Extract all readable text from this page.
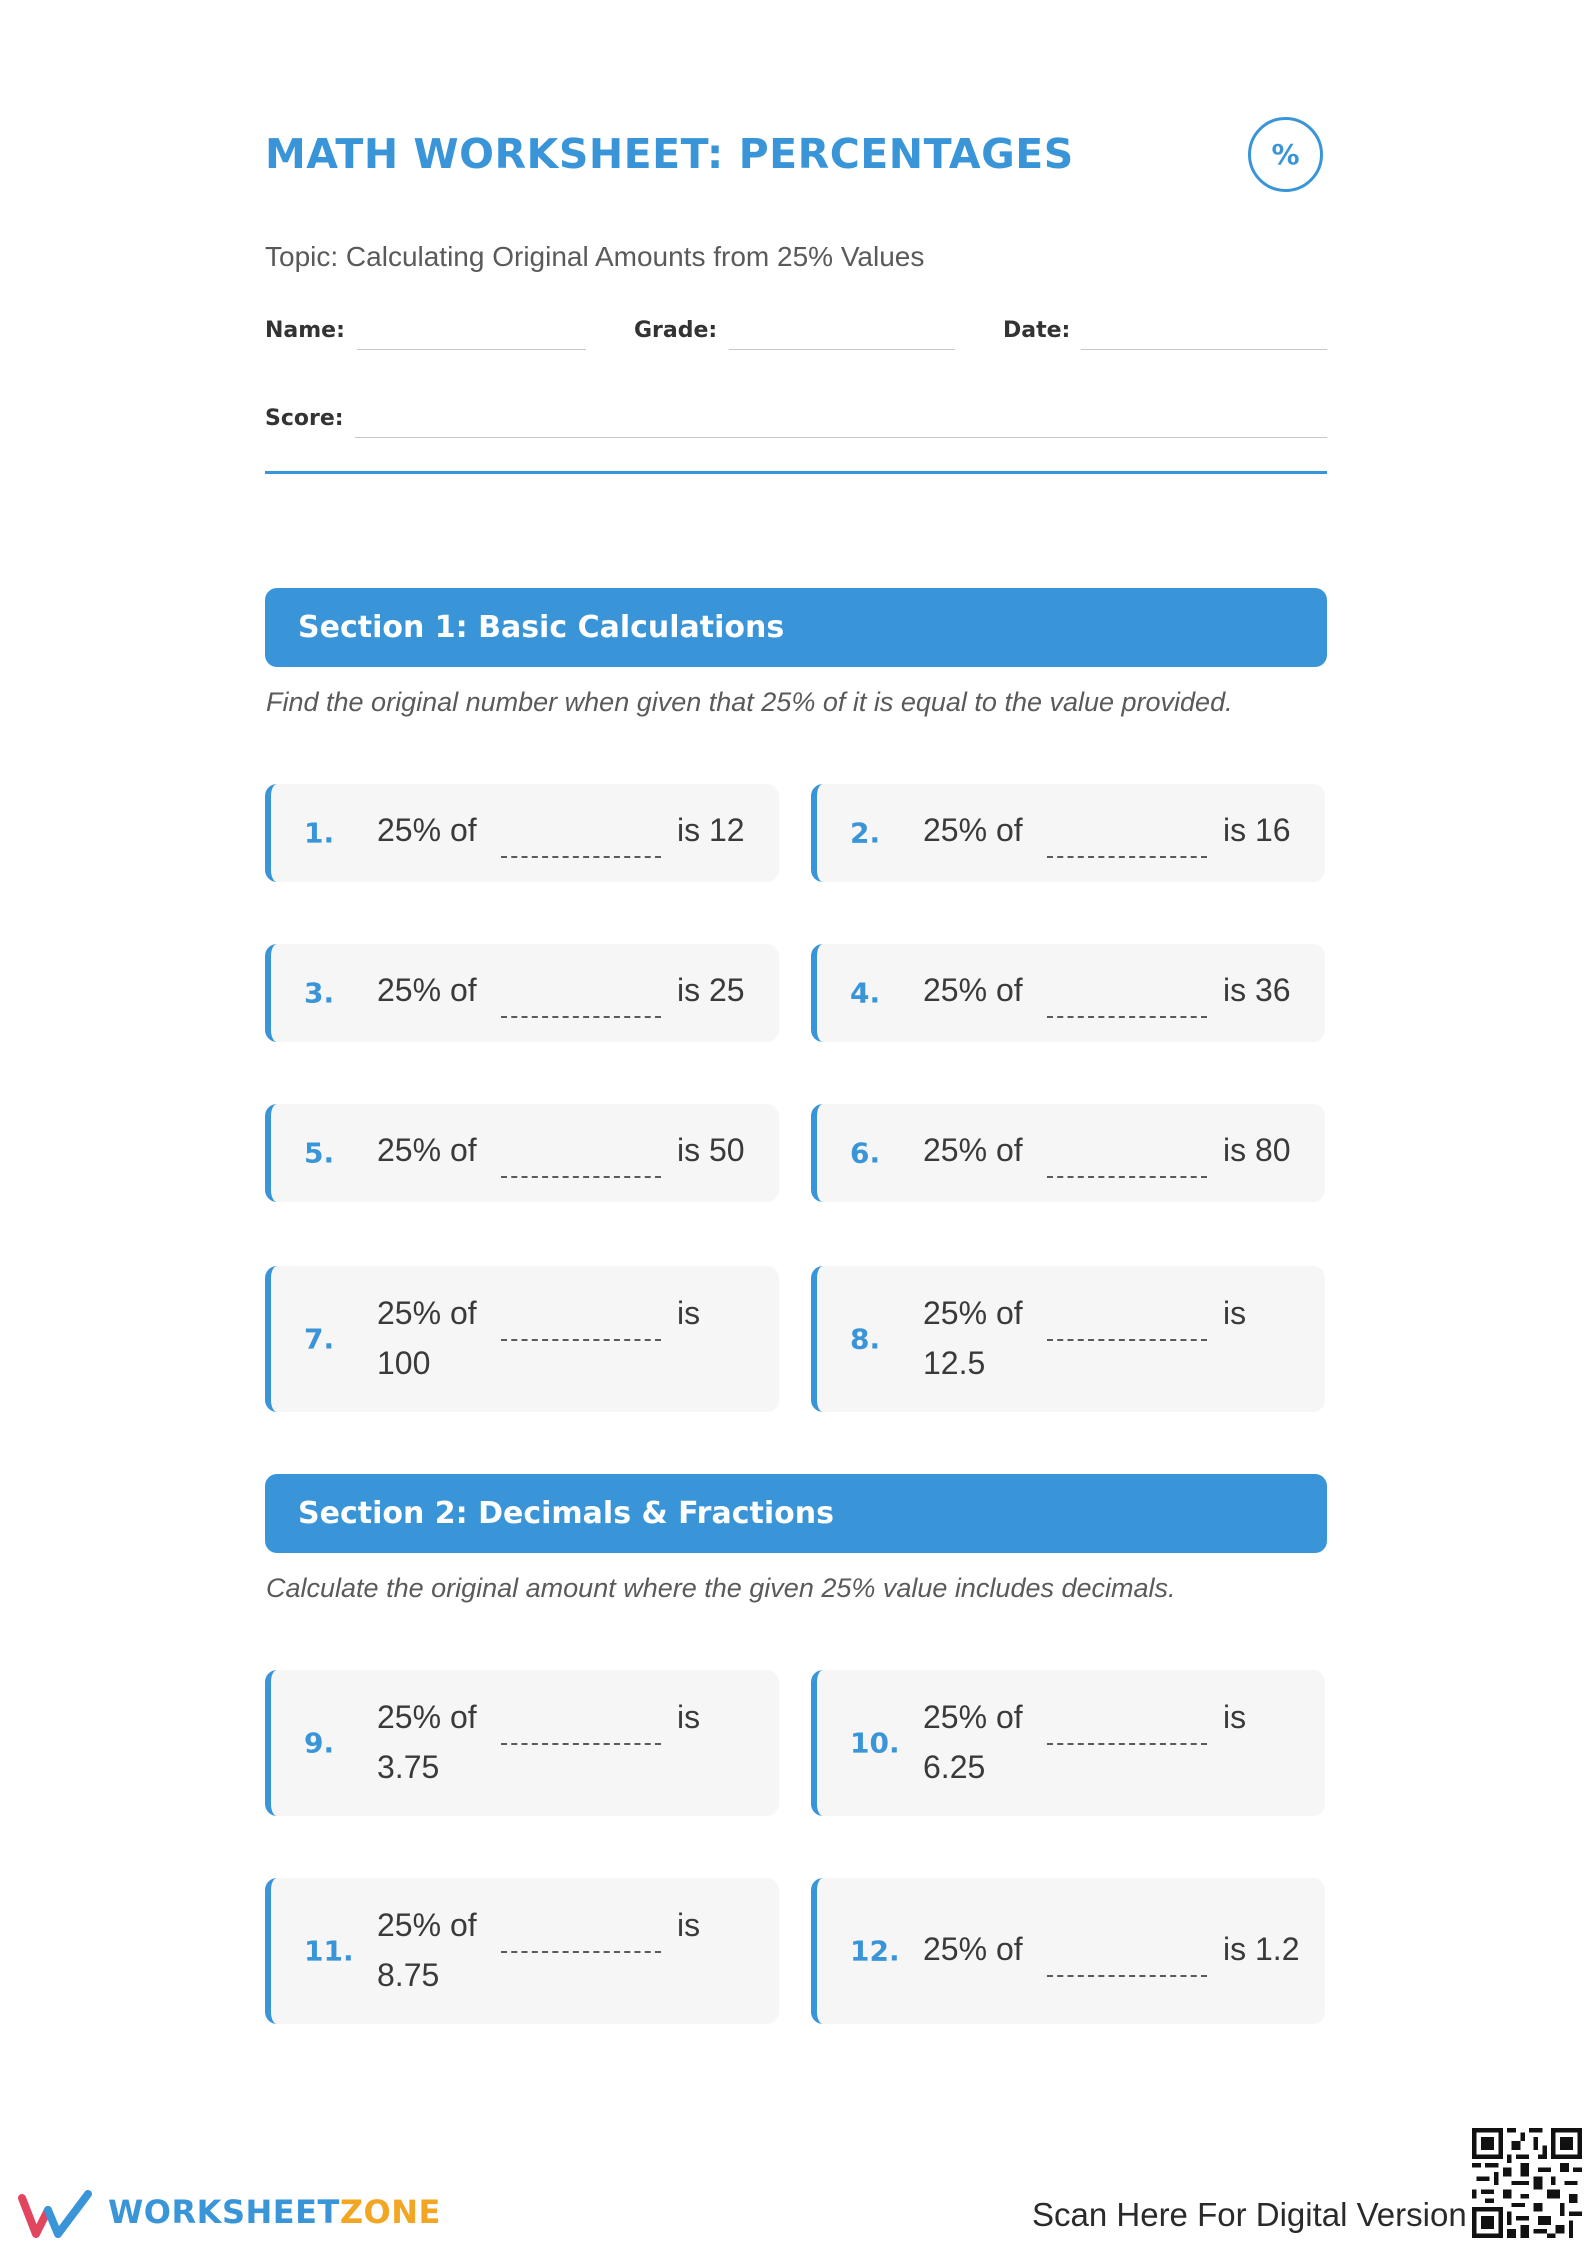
MATH WORKSHEET: PERCENTAGES	%
Topic: Calculating Original Amounts from 25% Values
Name:	Grade:	Date:
Score:
Section 1: Basic Calculations
Find the original number when given that 25% of it is equal to the value provided.
1. 25% of	is 12	2. 25% of	is 16
3. 25% of	is 25	4. 25% of	is 36
5. 25% of	is 50	6. 25% of	is 80
7.
25% of	is
100
8.
25% of	is
12.5
Section 2: Decimals & Fractions
Calculate the original amount where the given 25% value includes decimals.
9.
25% of	is
3.75
10.
25% of	is
6.25
11.
25% of	is
8.75
12. 25% of	is 1.2
WORKSHEETZONE	Scan Here For Digital Version
